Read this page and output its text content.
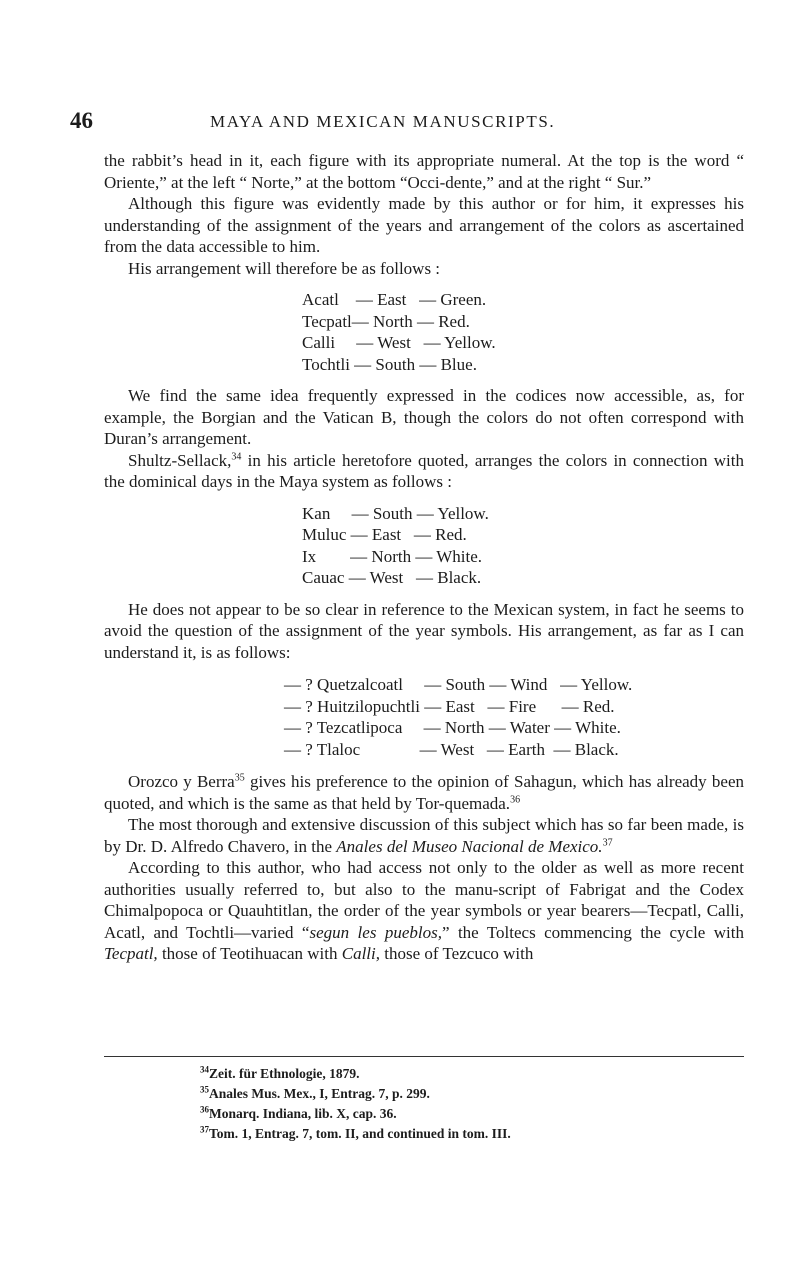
46	MAYA AND MEXICAN MANUSCRIPTS.

the rabbit’s head in it, each figure with its appropriate numeral. At the top is the word “ Oriente,” at the left “ Norte,” at the bottom “Occi-dente,” and at the right “ Sur.”

Although this figure was evidently made by this author or for him, it expresses his understanding of the assignment of the years and arrangement of the colors as ascertained from the data accessible to him.

His arrangement will therefore be as follows :

Acatl    — East   — Green.
Tecpatl— North — Red.
Calli     — West   — Yellow.
Tochtli — South — Blue.

We find the same idea frequently expressed in the codices now accessible, as, for example, the Borgian and the Vatican B, though the colors do not often correspond with Duran’s arrangement.

Shultz-Sellack,$^{34}$ in his article heretofore quoted, arranges the colors in connection with the dominical days in the Maya system as follows :

Kan     — South — Yellow.
Muluc — East   — Red.
Ix        — North — White.
Cauac — West   — Black.

He does not appear to be so clear in reference to the Mexican system, in fact he seems to avoid the question of the assignment of the year symbols. His arrangement, as far as I can understand it, is as follows:

— ? Quetzalcoatl     — South — Wind   — Yellow.
— ? Huitzilopuchtli — East   — Fire      — Red.
— ? Tezcatlipoca     — North — Water — White.
— ? Tlaloc              — West   — Earth  — Black.

Orozco y Berra$^{35}$ gives his preference to the opinion of Sahagun, which has already been quoted, and which is the same as that held by Tor-quemada.$^{36}$

The most thorough and extensive discussion of this subject which has so far been made, is by Dr. D. Alfredo Chavero, in the Anales del Museo Nacional de Mexico.$^{37}$

According to this author, who had access not only to the older as well as more recent authorities usually referred to, but also to the manu-script of Fabrigat and the Codex Chimalpopoca or Quauhtitlan, the order of the year symbols or year bearers—Tecpatl, Calli, Acatl, and Tochtli—varied “segun les pueblos,” the Toltecs commencing the cycle with Tecpatl, those of Teotihuacan with Calli, those of Tezcuco with

$^{34}$Zeit. für Ethnologie, 1879.
$^{35}$Anales Mus. Mex., I, Entrag. 7, p. 299.
$^{36}$Monarq. Indiana, lib. X, cap. 36.
$^{37}$Tom. 1, Entrag. 7, tom. II, and continued in tom. III.
